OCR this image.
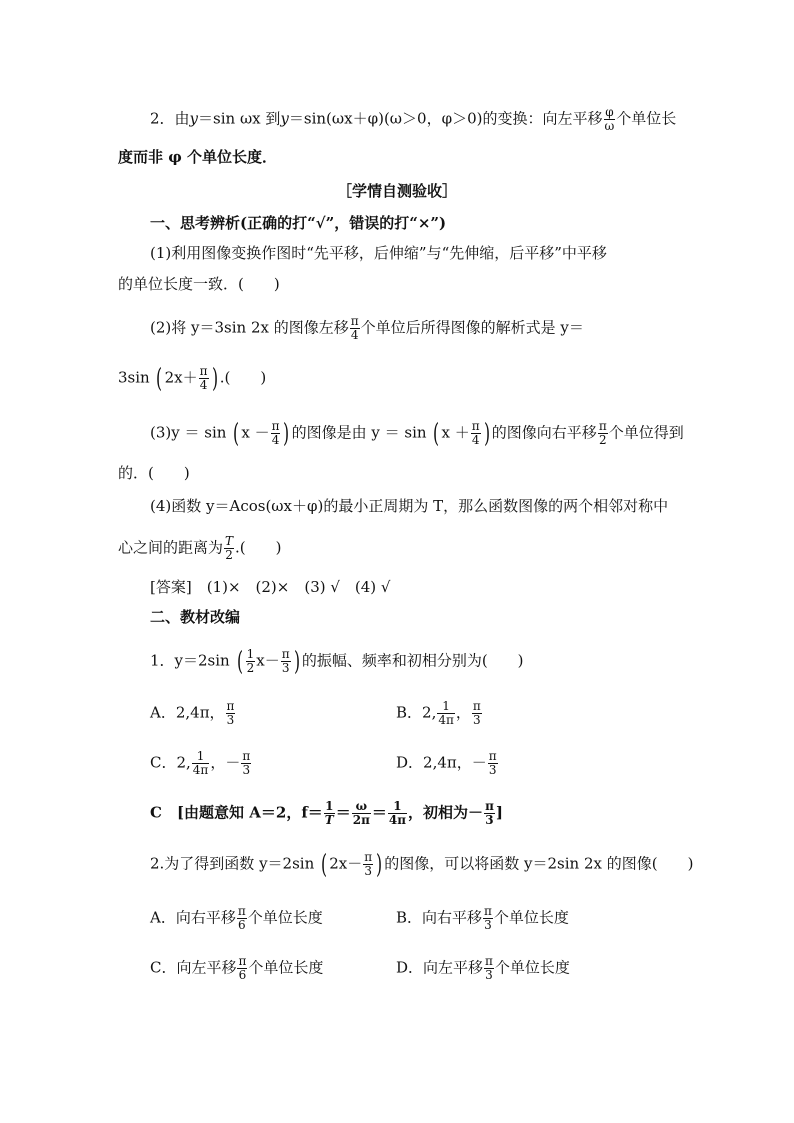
2．由y＝sin ωx 到y＝sin(ωx＋φ)(ω＞0，φ＞0)的变换：向左平移 $\frac{\varphi}{\omega}$ 个单位长
度而非 φ 个单位长度．
［学情自测验收］
一、思考辨析(正确的打“√”，错误的打“×”)
(1)利用图像变换作图时“先平移，后伸缩”与“先伸缩，后平移”中平移
的单位长度一致．(　　)
(2)将 y＝3sin 2x 的图像左移 $\frac{\pi}{4}$ 个单位后所得图像的解析式是 y＝
3sin ( $2x+ \frac{\pi}{4}$ ) .(　　)
(3)y ＝ sin ( $x - \frac{\pi}{4}$ ) 的图像是由 y ＝ sin ( $x + \frac{\pi}{4}$ ) 的图像向右平移 $\frac{\pi}{2}$ 个单位得到
的．(　　)
(4)函数 y＝Acos(ωx＋φ)的最小正周期为 T，那么函数图像的两个相邻对称中
心之间的距离为 $\frac{T}{2}$ .(　　)
[答案]　(1)×　(2)×　(3) √　(4) √
二、教材改编
1．y＝2sin ( $\frac{1}{2} x- \frac{\pi}{3}$ ) 的振幅、频率和初相分别为(　　)
A．2,4π， $\frac{\pi}{3}$	B．2, $\frac{1}{4\pi}$ ， $\frac{\pi}{3}$
C．2, $\frac{1}{4\pi}$ ，－ $\frac{\pi}{3}$	D．2,4π，－ $\frac{\pi}{3}$
C　[由题意知 A＝2，$f= \frac{1}{T} = \frac{\omega}{2\pi} = \frac{1}{4\pi}$ ，初相为－ $\frac{\pi}{3}$ ]
2.为了得到函数 y＝2sin ( $2x- \frac{\pi}{3}$ ) 的图像，可以将函数 y＝2sin 2x 的图像(　　)
A．向右平移 $\frac{\pi}{6}$ 个单位长度	B．向右平移 $\frac{\pi}{3}$ 个单位长度
C．向左平移 $\frac{\pi}{6}$ 个单位长度	D．向左平移 $\frac{\pi}{3}$ 个单位长度
